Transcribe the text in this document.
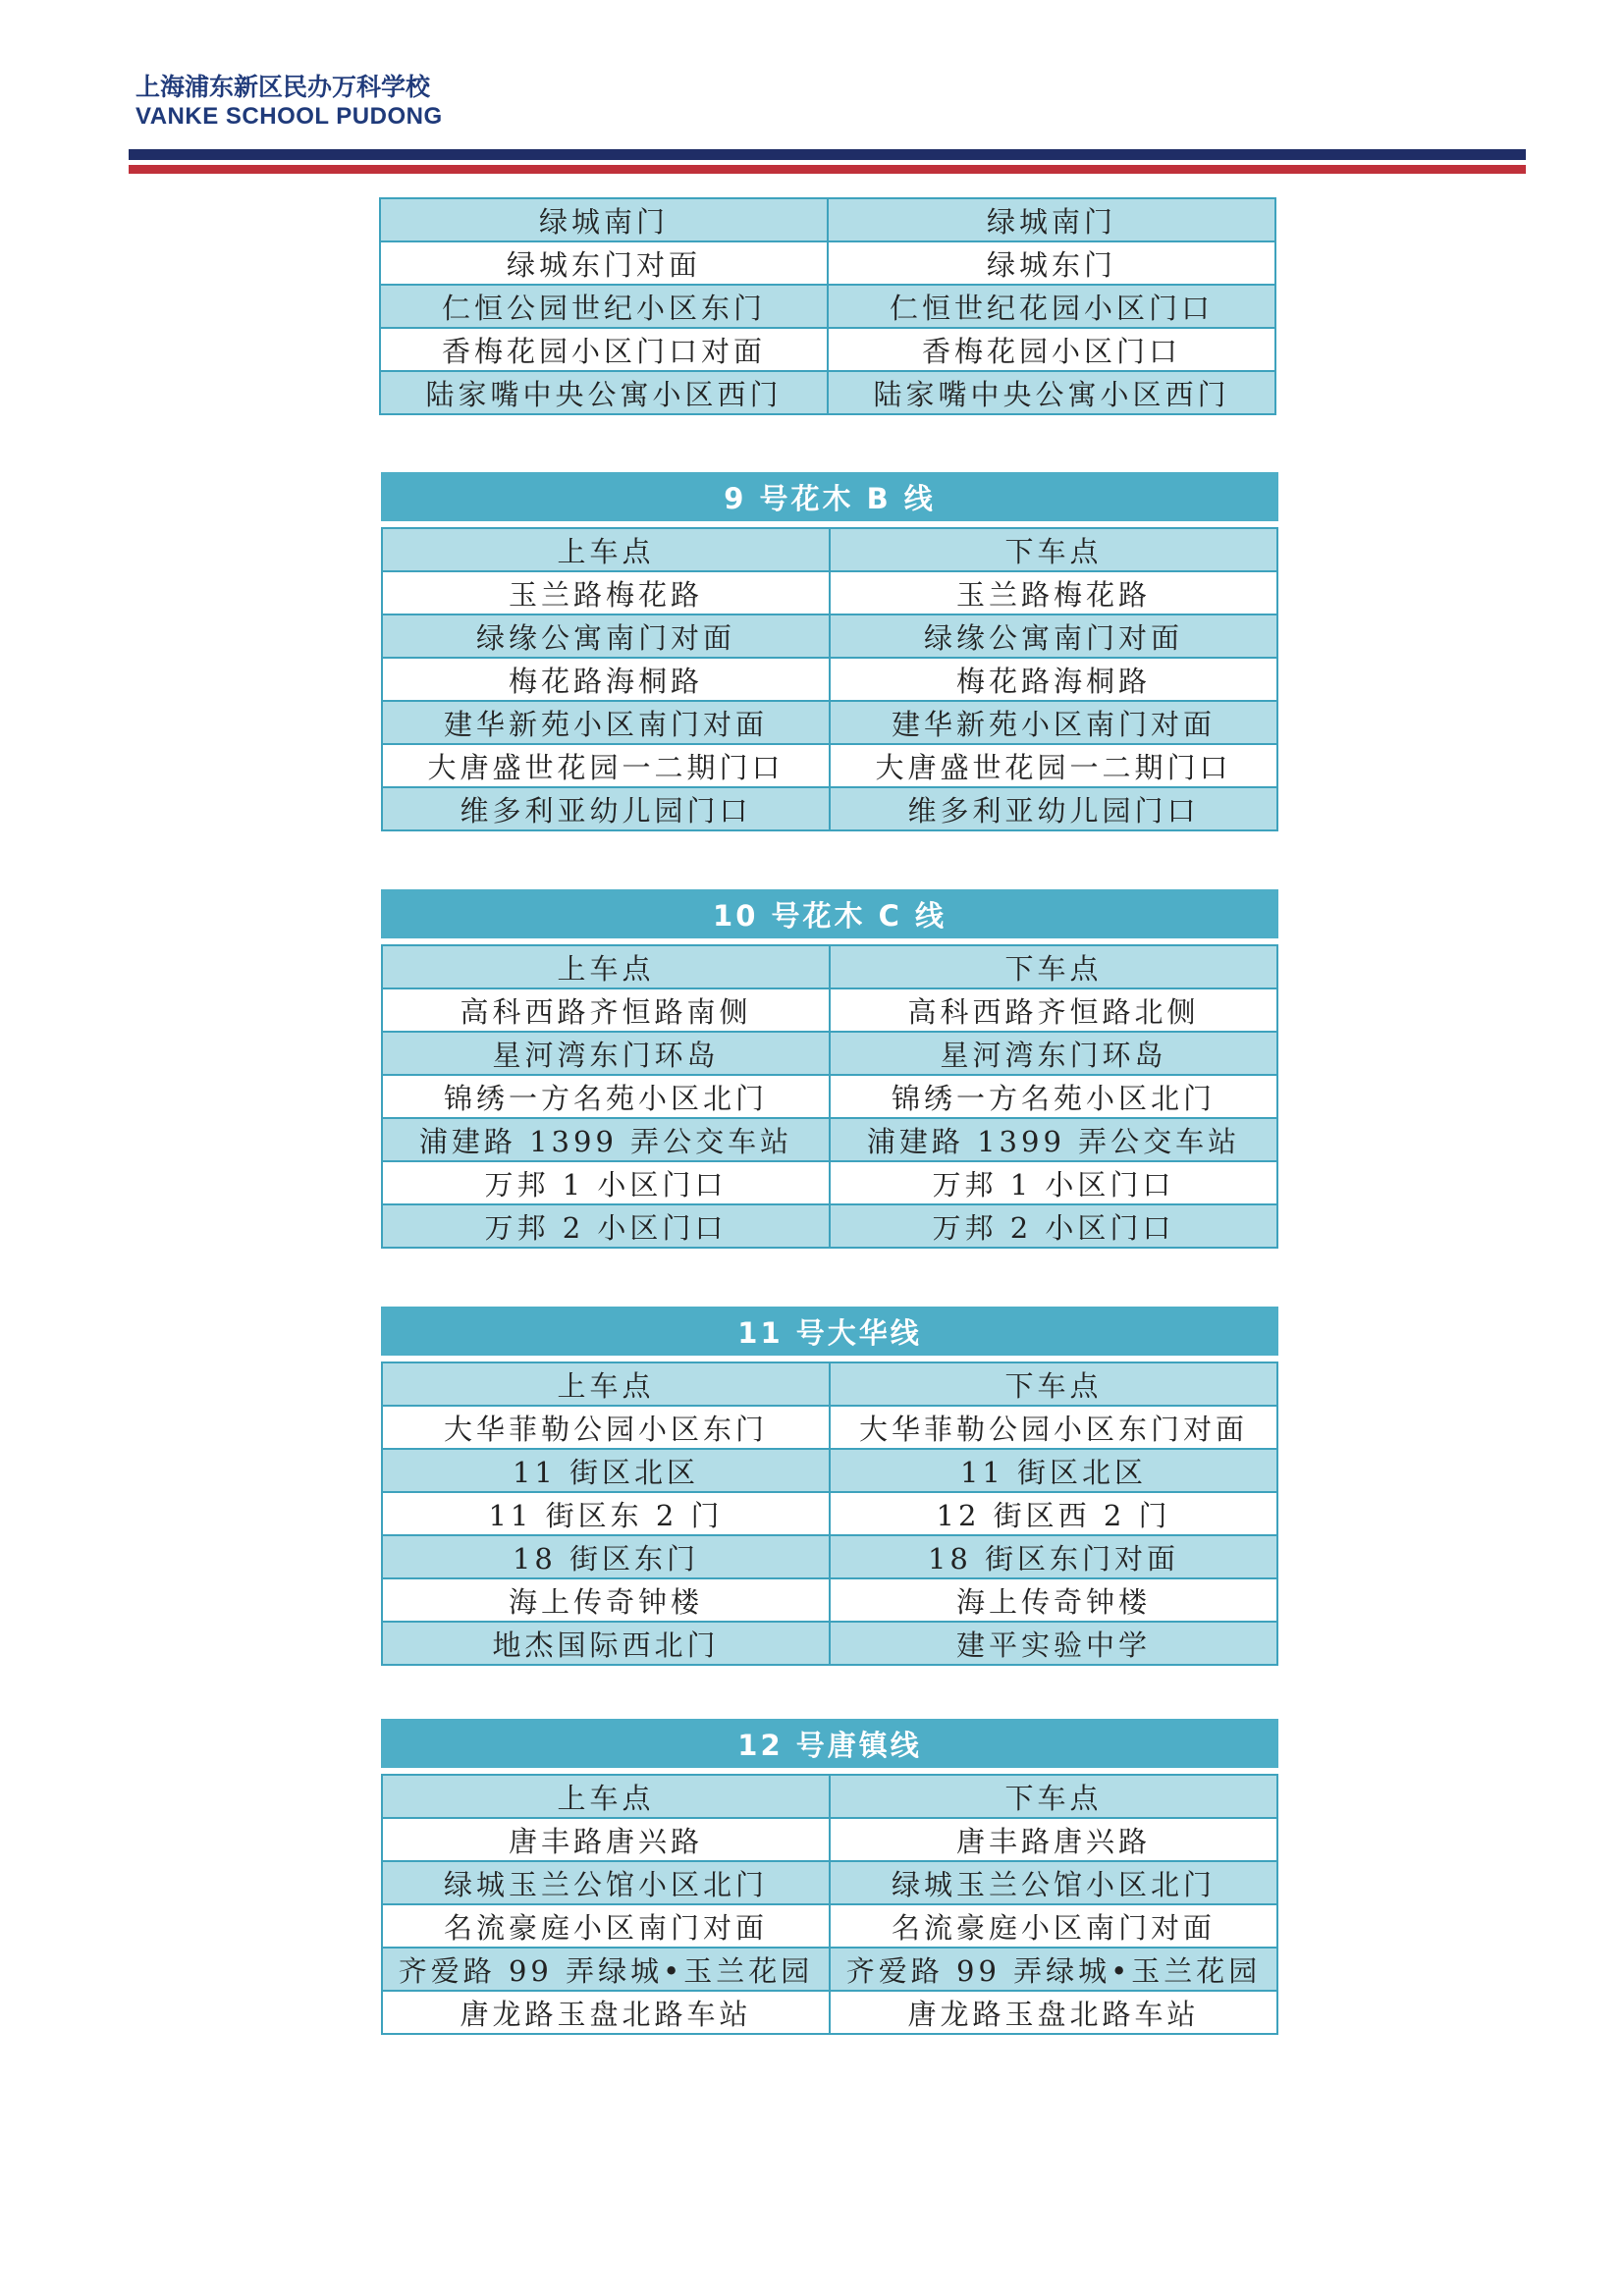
上海浦东新区民办万科学校
VANKE SCHOOL PUDONG
绿城南门	绿城南门
绿城东门对面	绿城东门
仁恒公园世纪小区东门	仁恒世纪花园小区门口
香梅花园小区门口对面	香梅花园小区门口
陆家嘴中央公寓小区西门	陆家嘴中央公寓小区西门
9 号花木 B 线	

上车点	下车点
玉兰路梅花路	玉兰路梅花路
绿缘公寓南门对面	绿缘公寓南门对面
梅花路海桐路	梅花路海桐路
建华新苑小区南门对面	建华新苑小区南门对面
大唐盛世花园一二期门口	大唐盛世花园一二期门口
维多利亚幼儿园门口	维多利亚幼儿园门口
10 号花木 C 线	

上车点	下车点
高科西路齐恒路南侧	高科西路齐恒路北侧
星河湾东门环岛	星河湾东门环岛
锦绣一方名苑小区北门	锦绣一方名苑小区北门
浦建路 1399 弄公交车站	浦建路 1399 弄公交车站
万邦 1 小区门口	万邦 1 小区门口
万邦 2 小区门口	万邦 2 小区门口
11 号大华线	

上车点	下车点
大华菲勒公园小区东门	大华菲勒公园小区东门对面
11 街区北区	11 街区北区
11 街区东 2 门	12 街区西 2 门
18 街区东门	18 街区东门对面
海上传奇钟楼	海上传奇钟楼
地杰国际西北门	建平实验中学
12 号唐镇线	

上车点	下车点
唐丰路唐兴路	唐丰路唐兴路
绿城玉兰公馆小区北门	绿城玉兰公馆小区北门
名流豪庭小区南门对面	名流豪庭小区南门对面
齐爱路 99 弄绿城•玉兰花园	齐爱路 99 弄绿城•玉兰花园
唐龙路玉盘北路车站	唐龙路玉盘北路车站
